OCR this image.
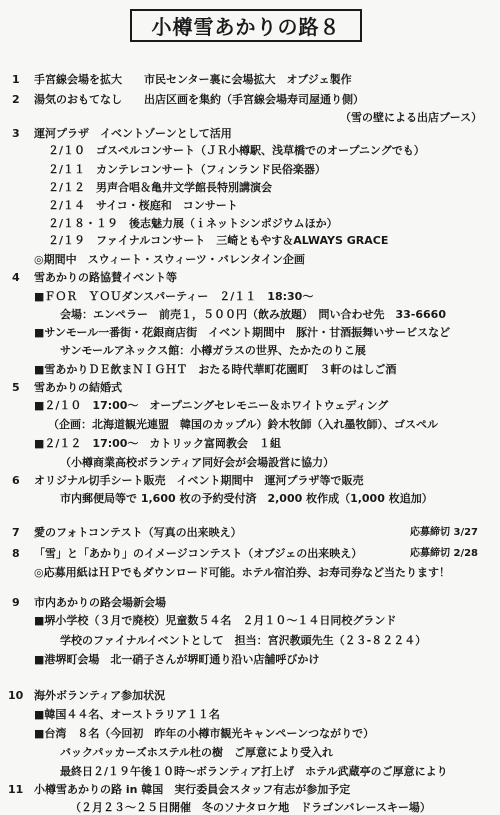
小樽雪あかりの路８
1 手宮線会場を拡大　　市民センター裏に会場拡大　オブジェ製作
2 湯気のおもてなし　　出店区画を集約（手宮線会場寿司屋通り側）
（雪の壁による出店ブース）
3 運河プラザ　イベントゾーンとして活用
２/１０　ゴスペルコンサート（ＪＲ小樽駅、浅草橋でのオープニングでも）
２/１１　カンテレコンサート（フィンランド民俗楽器）
２/１２　男声合唱＆亀井文学館長特別講演会
２/１４　サイコ・桜庭和　コンサート
２/１８・１９　後志魅力展（ｉネットシンポジウムほか）
２/１９　ファイナルコンサート　三崎ともやす＆ALWAYS GRACE
◎期間中　スウィート・スウィーツ・バレンタイン企画
4 雪あかりの路協賛イベント等
■ＦＯＲ　ＹＯＵダンスパーティー　２/１１　18:30～
会場：エンペラー　前売１，５００円（飲み放題）　問い合わせ先　33-6660
■サンモール一番街・花銀商店街　イベント期間中　豚汁・甘酒振舞いサービスなど
サンモールアネックス館：小樽ガラスの世界、たかたのりこ展
■雪あかりＤＥ飲まＮＩＧＨＴ　おたる時代華町花園町　３軒のはしご酒
5 雪あかりの結婚式
■２/１０　17:00～　オープニングセレモニー＆ホワイトウェディング
（企画：北海道観光連盟　韓国のカップル）鈴木牧師（入れ墨牧師）、ゴスペル
■２/１２　17:00～　カトリック富岡教会　１組
（小樽商業高校ボランティア同好会が会場設営に協力）
6 オリジナル切手シート販売　イベント期間中　運河プラザ等で販売
市内郵便局等で 1,600 枚の予約受付済　2,000 枚作成（1,000 枚追加）
7 愛のフォトコンテスト（写真の出来映え）	応募締切 3/27
8 「雪」と「あかり」のイメージコンテスト（オブジェの出来映え）	応募締切 2/28
◎応募用紙はＨＰでもダウンロード可能。ホテル宿泊券、お寿司券など当たります！
9 市内あかりの路会場新会場
■堺小学校（３月で廃校）児童数５４名　２月１０～１４日同校グランド
学校のファイナルイベントとして　担当：宮沢教頭先生（２３-８２２４）
■港堺町会場　北一硝子さんが堺町通り沿い店舗呼びかけ
10 海外ボランティア参加状況
■韓国４４名、オーストラリア１１名
■台湾　８名（今回初　昨年の小樽市観光キャンペーンつながりで）
バックパッカーズホステル杜の樹　ご厚意により受入れ
最終日２/１９午後１０時～ボランティア打上げ　ホテル武蔵亭のご厚意により
11 小樽雪あかりの路 in 韓国　実行委員会スタッフ有志が参加予定
（２月２３～２５日開催　冬のソナタロケ地　ドラゴンバレースキー場）
